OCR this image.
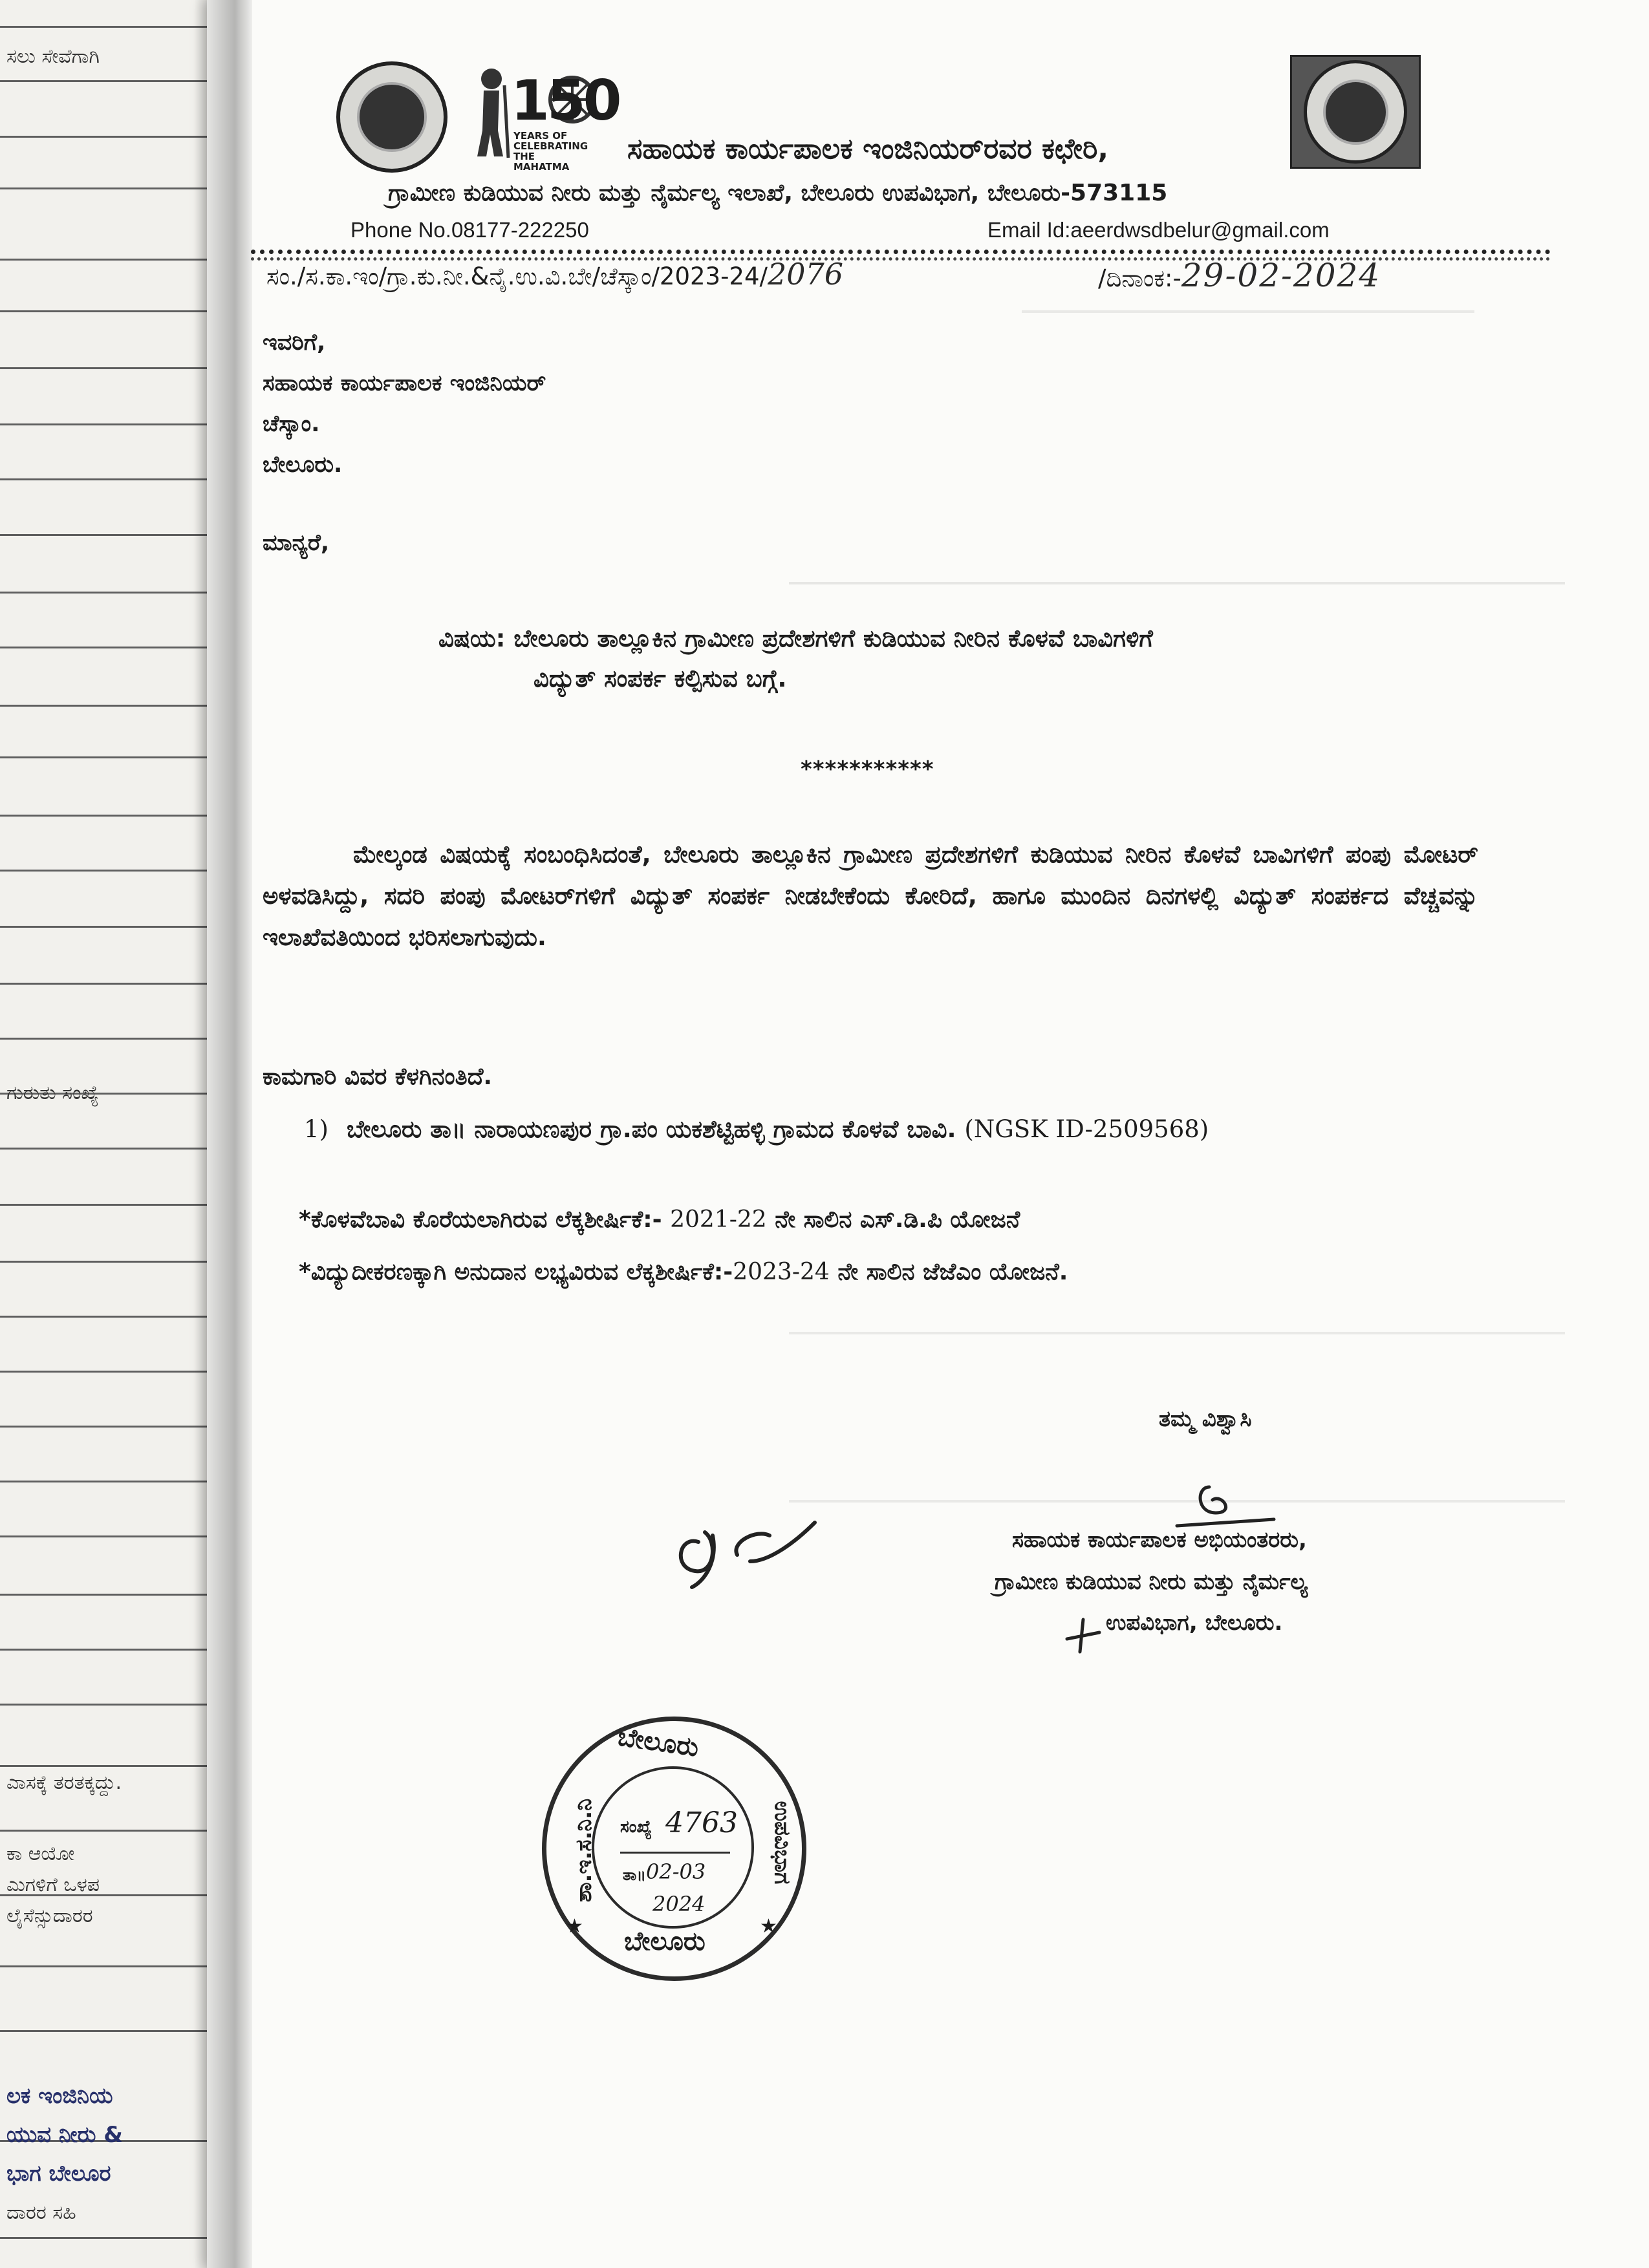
ಸಲು ಸೇವೆಗಾಗಿ
ಗುರುತು ಸಂಖ್ಯೆ
ಎಾಸಕ್ಕೆ ತರತಕ್ಕದ್ದು.
ಕಾ ಆಯೋ
ಎುಗಳಿಗೆ ಒಳಪ
ಲೈಸೆನ್ಸುದಾರರ
ಲಕ ಇಂಜಿನಿಯ
ಯುವ ನೀರು &
ಭಾಗ ಬೇಲೂರ
ದಾರರ ಸಹಿ
150
YEARS OF CELEBRATING THE MAHATMA
ಸಹಾಯಕ ಕಾರ್ಯಪಾಲಕ ಇಂಜಿನಿಯರ್‌ರವರ ಕಛೇರಿ,
ಗ್ರಾಮೀಣ ಕುಡಿಯುವ ನೀರು ಮತ್ತು ನೈರ್ಮಲ್ಯ ಇಲಾಖೆ, ಬೇಲೂರು ಉಪವಿಭಾಗ, ಬೇಲೂರು-573115
Phone No.08177-222250	Email Id:aeerdwsdbelur@gmail.com
ಸಂ./ಸ.ಕಾ.ಇಂ/ಗ್ರಾ.ಕು.ನೀ.&ನೈ.ಉ.ವಿ.ಬೇ/ಚೆಸ್ಕಾಂ/2023-24/2076	/ದಿನಾಂಕ:-29-02-2024
ಇವರಿಗೆ,
ಸಹಾಯಕ ಕಾರ್ಯಪಾಲಕ ಇಂಜಿನಿಯರ್
ಚೆಸ್ಕಾಂ.
ಬೇಲೂರು.
ಮಾನ್ಯರೆ,
ವಿಷಯ: ಬೇಲೂರು ತಾಲ್ಲೂಕಿನ ಗ್ರಾಮೀಣ ಪ್ರದೇಶಗಳಿಗೆ ಕುಡಿಯುವ ನೀರಿನ ಕೊಳವೆ ಬಾವಿಗಳಿಗೆ
ವಿದ್ಯುತ್ ಸಂಪರ್ಕ ಕಲ್ಪಿಸುವ ಬಗ್ಗೆ.
***********
ಮೇಲ್ಕಂಡ ವಿಷಯಕ್ಕೆ ಸಂಬಂಧಿಸಿದಂತೆ, ಬೇಲೂರು ತಾಲ್ಲೂಕಿನ ಗ್ರಾಮೀಣ ಪ್ರದೇಶಗಳಿಗೆ ಕುಡಿಯುವ ನೀರಿನ ಕೊಳವೆ ಬಾವಿಗಳಿಗೆ ಪಂಪು ಮೋಟರ್ ಅಳವಡಿಸಿದ್ದು, ಸದರಿ ಪಂಪು ಮೋಟರ್‌ಗಳಿಗೆ ವಿದ್ಯುತ್ ಸಂಪರ್ಕ ನೀಡಬೇಕೆಂದು ಕೋರಿದೆ, ಹಾಗೂ ಮುಂದಿನ ದಿನಗಳಲ್ಲಿ ವಿದ್ಯುತ್ ಸಂಪರ್ಕದ ವೆಚ್ಚವನ್ನು ಇಲಾಖೆವತಿಯಿಂದ ಭರಿಸಲಾಗುವುದು.
ಕಾಮಗಾರಿ ವಿವರ ಕೆಳಗಿನಂತಿದೆ.
1) ಬೇಲೂರು ತಾ॥ ನಾರಾಯಣಪುರ ಗ್ರಾ.ಪಂ ಯಕಶೆಟ್ಟಿಹಳ್ಳಿ ಗ್ರಾಮದ ಕೊಳವೆ ಬಾವಿ. (NGSK ID-2509568)
*ಕೊಳವೆಬಾವಿ ಕೊರೆಯಲಾಗಿರುವ ಲೆಕ್ಕಶೀರ್ಷಿಕೆ:- 2021-22 ನೇ ಸಾಲಿನ ಎಸ್.ಡಿ.ಪಿ ಯೋಜನೆ
*ವಿದ್ಯುದೀಕರಣಕ್ಕಾಗಿ ಅನುದಾನ ಲಭ್ಯವಿರುವ ಲೆಕ್ಕಶೀರ್ಷಿಕೆ:-2023-24 ನೇ ಸಾಲಿನ ಜೆಜೆಎಂ ಯೋಜನೆ.
ತಮ್ಮ ವಿಶ್ವಾಸಿ
ಸಹಾಯಕ ಕಾರ್ಯಪಾಲಕ ಅಭಿಯಂತರರು,
ಗ್ರಾಮೀಣ ಕುಡಿಯುವ ನೀರು ಮತ್ತು ನೈರ್ಮಲ್ಯ
ಉಪವಿಭಾಗ, ಬೇಲೂರು.
ಬೇಲೂರು
ಶಾ.ಇ.ಸ.ನಿ.ನಿ	ಉಪವಿಭಾಗ
ಬೇಲೂರು
★	★
ಸಂಖ್ಯೆ 4763
ತಾ॥ 02-03
2024
